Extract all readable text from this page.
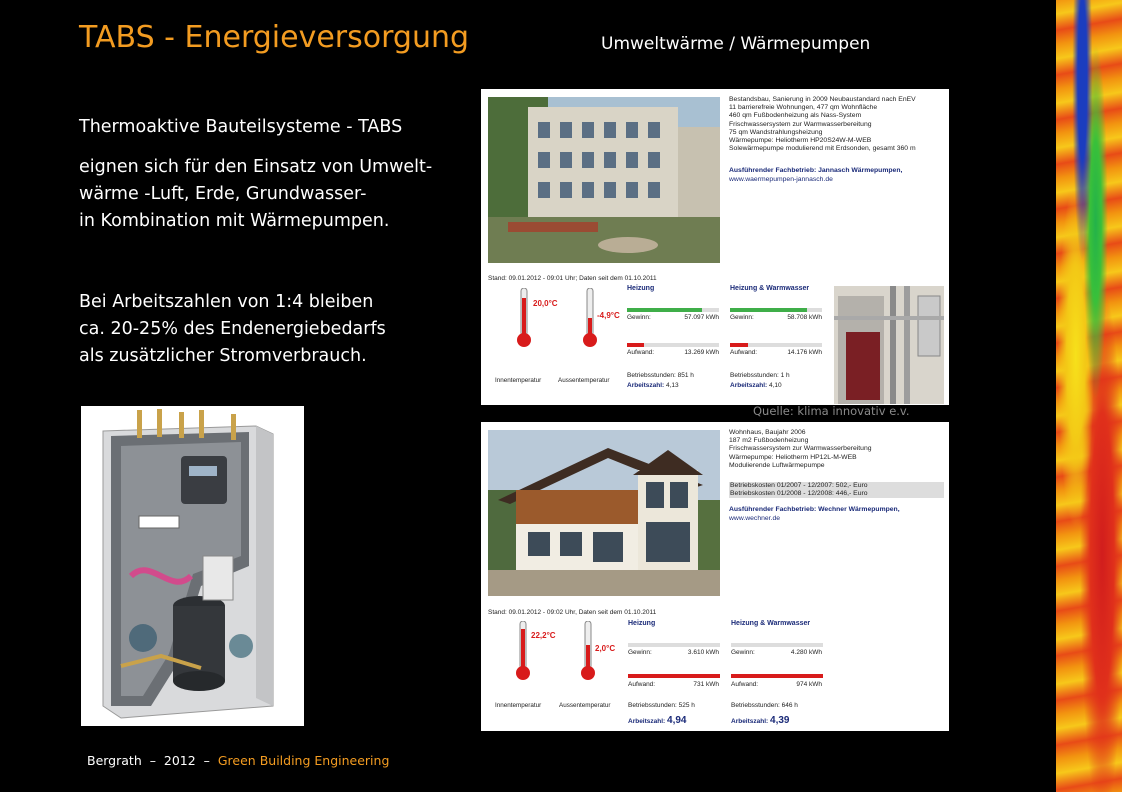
TABS - Energieversorgung	Umweltwärme / Wärmepumpen
Thermoaktive Bauteilsysteme - TABS
eignen sich für den Einsatz von Umwelt-
wärme -Luft, Erde, Grundwasser-
in Kombination mit Wärmepumpen.
Bei Arbeitszahlen von 1:4 bleiben
ca. 20-25% des Endenergiebedarfs
als zusätzlicher Stromverbrauch.
Bestandsbau, Sanierung in 2009 Neubaustandard nach EnEV
11 barrierefreie Wohnungen, 477 qm Wohnfläche
460 qm Fußbodenheizung als Nass-System
Frischwassersystem zur Warmwasserbereitung
75 qm Wandstrahlungsheizung
Wärmepumpe: Heliotherm HP20S24W-M-WEB
Solewärmepumpe modulierend mit Erdsonden, gesamt 360 m
Ausführender Fachbetrieb: Jannasch Wärmepumpen,
www.waermepumpen-jannasch.de
Stand: 09.01.2012 - 09:01 Uhr; Daten seit dem 01.10.2011
20,0°C
-4,9°C
Innentemperatur	Aussentemperatur
Heizung
Gewinn:	57.097 kWh
Aufwand:	13.269 kWh
Betriebsstunden: 851 h
Arbeitszahl: 4,13
Heizung & Warmwasser
Gewinn:	58.708 kWh
Aufwand:	14.176 kWh
Betriebsstunden: 1 h
Arbeitszahl: 4,10
Quelle: klima innovativ e.v.
Wohnhaus, Baujahr 2006
187 m2 Fußbodenheizung
Frischwassersystem zur Warmwasserbereitung
Wärmepumpe: Heliotherm HP12L-M-WEB
Modulierende Luftwärmepumpe
Betriebskosten 01/2007 - 12/2007: 502,- Euro
Betriebskosten 01/2008 - 12/2008: 446,- Euro
Ausführender Fachbetrieb: Wechner Wärmepumpen,
www.wechner.de
Stand: 09.01.2012 - 09:02 Uhr, Daten seit dem 01.10.2011
22,2°C
2,0°C
Innentemperatur	Aussentemperatur
Heizung
Gewinn:	3.610 kWh
Aufwand:	731 kWh
Betriebsstunden: 525 h
Arbeitszahl: 4,94
Heizung & Warmwasser
Gewinn:	4.280 kWh
Aufwand:	974 kWh
Betriebsstunden: 646 h
Arbeitszahl: 4,39
Bergrath – 2012 – Green Building Engineering
